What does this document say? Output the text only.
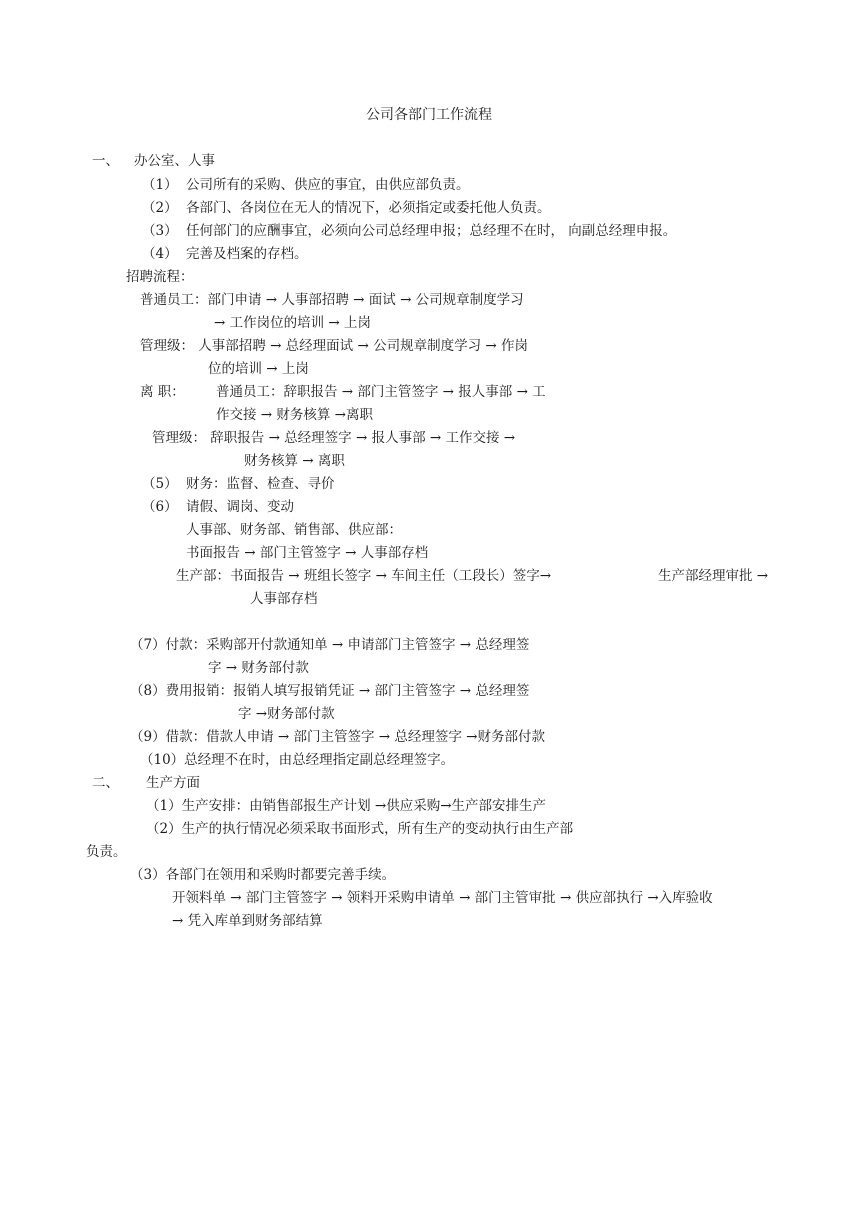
公司各部门工作流程
一、 办公室、人事
（1） 公司所有的采购、供应的事宜，由供应部负责。
（2） 各部门、各岗位在无人的情况下，必须指定或委托他人负责。
（3） 任何部门的应酬事宜，必须向公司总经理申报；总经理不在时， 向副总经理申报。
（4） 完善及档案的存档。
招聘流程：
普通员工：部门申请 → 人事部招聘 → 面试 → 公司规章制度学习
→ 工作岗位的培训 → 上岗
管理级： 人事部招聘 → 总经理面试 → 公司规章制度学习 → 作岗
位的培训 → 上岗
离 职： 普通员工：辞职报告 → 部门主管签字 → 报人事部 → 工
作交接 → 财务核算 →离职
管理级： 辞职报告 → 总经理签字 → 报人事部 → 工作交接 →
财务核算 → 离职
（5） 财务：监督、检查、寻价
（6） 请假、调岗、变动
人事部、财务部、销售部、供应部：
书面报告 → 部门主管签字 → 人事部存档
生产部：书面报告 → 班组长签字 → 车间主任（工段长）签字→	生产部经理审批 →
人事部存档
（7）付款：采购部开付款通知单 → 申请部门主管签字 → 总经理签
字 → 财务部付款
（8）费用报销：报销人填写报销凭证 → 部门主管签字 → 总经理签
字 →财务部付款
（9）借款：借款人申请 → 部门主管签字 → 总经理签字 →财务部付款
（10）总经理不在时，由总经理指定副总经理签字。
二、 生产方面
（1）生产安排：由销售部报生产计划 →供应采购→生产部安排生产
（2）生产的执行情况必须采取书面形式，所有生产的变动执行由生产部
负责。
（3）各部门在领用和采购时都要完善手续。
开领料单 → 部门主管签字 → 领料开采购申请单 → 部门主管审批 → 供应部执行 →入库验收
→ 凭入库单到财务部结算
